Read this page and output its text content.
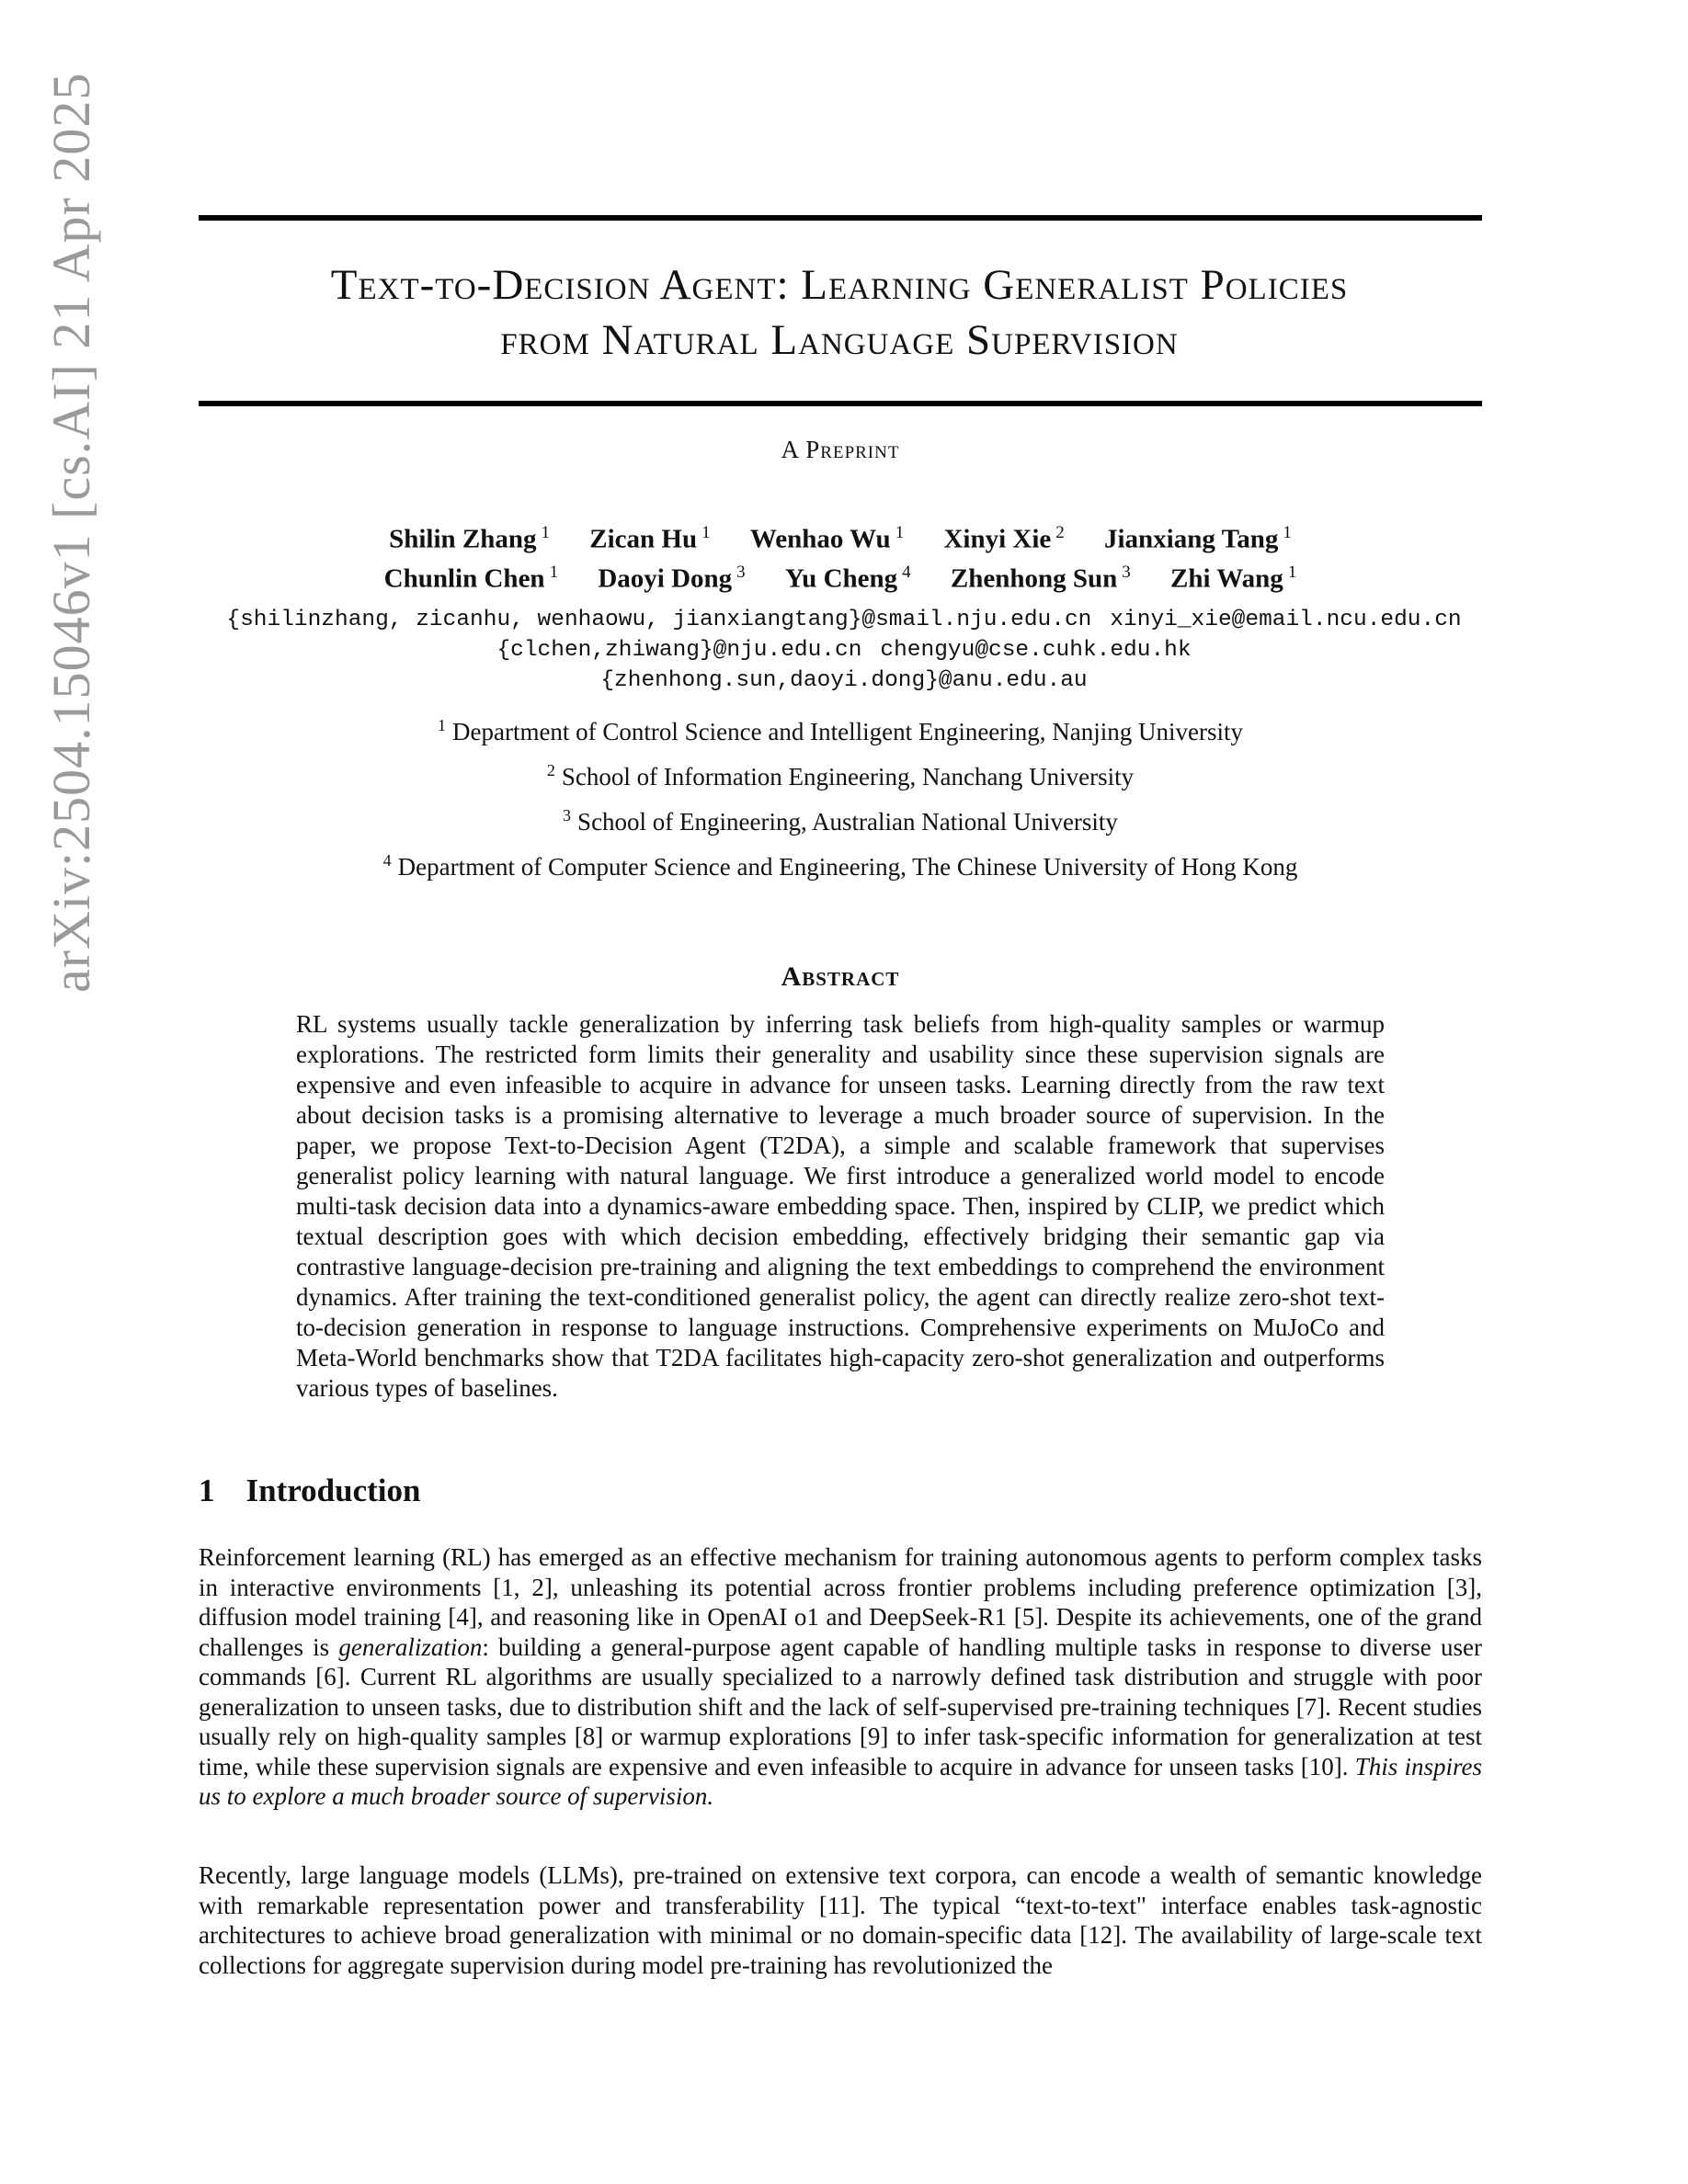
arXiv:2504.15046v1 [cs.AI] 21 Apr 2025	Text-to-Decision Agent: Learning Generalist Policies
from Natural Language Supervision
A Preprint
Shilin Zhang $^1$ Zican Hu $^1$ Wenhao Wu $^1$ Xinyi Xie $^2$ Jianxiang Tang $^1$
Chunlin Chen $^1$ Daoyi Dong $^3$ Yu Cheng $^4$ Zhenhong Sun $^3$ Zhi Wang $^1$
{shilinzhang, zicanhu, wenhaowu, jianxiangtang}@smail.nju.edu.cn xinyi_xie@email.ncu.edu.cn
{clchen,zhiwang}@nju.edu.cn chengyu@cse.cuhk.edu.hk
{zhenhong.sun,daoyi.dong}@anu.edu.au
$^1$ Department of Control Science and Intelligent Engineering, Nanjing University
$^2$ School of Information Engineering, Nanchang University
$^3$ School of Engineering, Australian National University
$^4$ Department of Computer Science and Engineering, The Chinese University of Hong Kong
Abstract

RL systems usually tackle generalization by inferring task beliefs from high-quality samples or warmup explorations. The restricted form limits their generality and usability since these supervision signals are expensive and even infeasible to acquire in advance for unseen tasks. Learning directly from the raw text about decision tasks is a promising alternative to leverage a much broader source of supervision. In the paper, we propose Text-to-Decision Agent (T2DA), a simple and scalable framework that supervises generalist policy learning with natural language. We first introduce a generalized world model to encode multi-task decision data into a dynamics-aware embedding space. Then, inspired by CLIP, we predict which textual description goes with which decision embedding, effectively bridging their semantic gap via contrastive language-decision pre-training and aligning the text embeddings to comprehend the environment dynamics. After training the text-conditioned generalist policy, the agent can directly realize zero-shot text-to-decision generation in response to language instructions. Comprehensive experiments on MuJoCo and Meta-World benchmarks show that T2DA facilitates high-capacity zero-shot generalization and outperforms various types of baselines.

1 Introduction

Reinforcement learning (RL) has emerged as an effective mechanism for training autonomous agents to perform complex tasks in interactive environments [1, 2], unleashing its potential across frontier problems including preference optimization [3], diffusion model training [4], and reasoning like in OpenAI o1 and DeepSeek-R1 [5]. Despite its achievements, one of the grand challenges is generalization: building a general-purpose agent capable of handling multiple tasks in response to diverse user commands [6]. Current RL algorithms are usually specialized to a narrowly defined task distribution and struggle with poor generalization to unseen tasks, due to distribution shift and the lack of self-supervised pre-training techniques [7]. Recent studies usually rely on high-quality samples [8] or warmup explorations [9] to infer task-specific information for generalization at test time, while these supervision signals are expensive and even infeasible to acquire in advance for unseen tasks [10]. This inspires us to explore a much broader source of supervision.

Recently, large language models (LLMs), pre-trained on extensive text corpora, can encode a wealth of semantic knowledge with remarkable representation power and transferability [11]. The typical “text-to-text" interface enables task-agnostic architectures to achieve broad generalization with minimal or no domain-specific data [12]. The availability of large-scale text collections for aggregate supervision during model pre-training has revolutionized the
